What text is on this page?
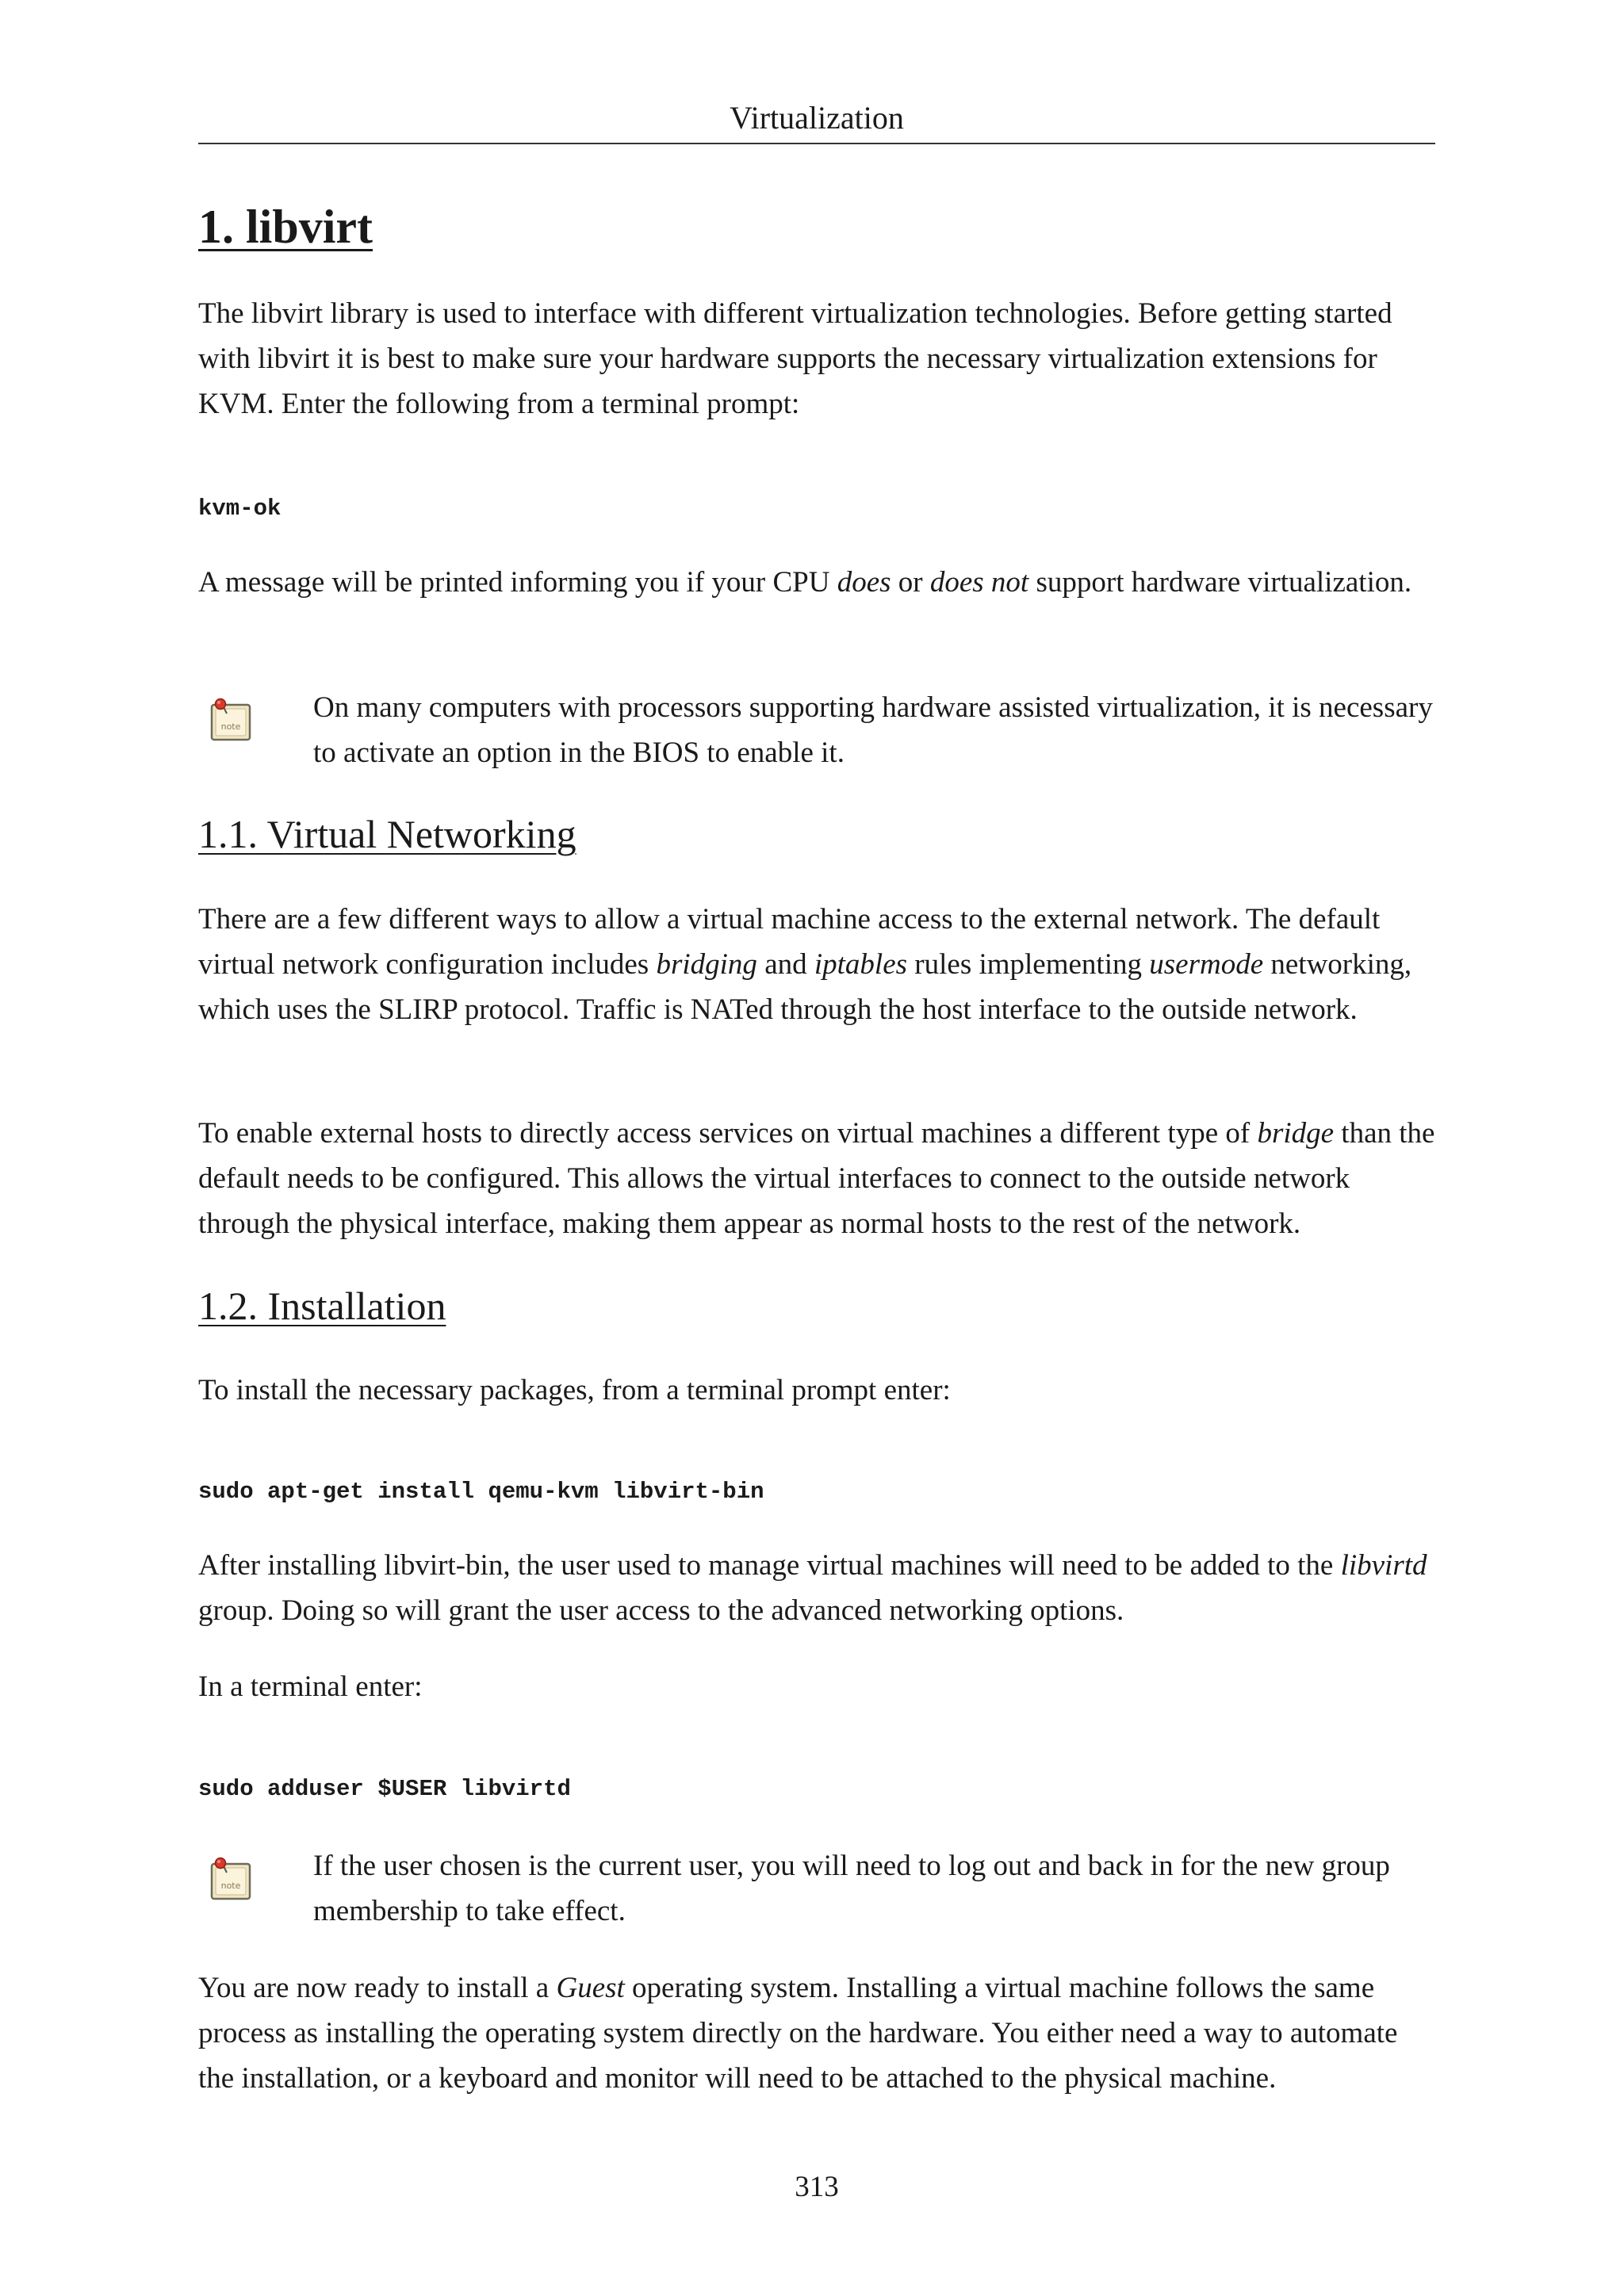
Virtualization
1. libvirt

The libvirt library is used to interface with different virtualization technologies. Before getting started with libvirt it is best to make sure your hardware supports the necessary virtualization extensions for KVM. Enter the following from a terminal prompt:

kvm-ok

A message will be printed informing you if your CPU does or does not support hardware virtualization.

note

On many computers with processors supporting hardware assisted virtualization, it is necessary to activate an option in the BIOS to enable it.

1.1. Virtual Networking

There are a few different ways to allow a virtual machine access to the external network. The default virtual network configuration includes bridging and iptables rules implementing usermode networking, which uses the SLIRP protocol. Traffic is NATed through the host interface to the outside network.

To enable external hosts to directly access services on virtual machines a different type of bridge than the default needs to be configured. This allows the virtual interfaces to connect to the outside network through the physical interface, making them appear as normal hosts to the rest of the network.

1.2. Installation

To install the necessary packages, from a terminal prompt enter:

sudo apt-get install qemu-kvm libvirt-bin

After installing libvirt-bin, the user used to manage virtual machines will need to be added to the libvirtd group. Doing so will grant the user access to the advanced networking options.

In a terminal enter:

sudo adduser $USER libvirtd
note

If the user chosen is the current user, you will need to log out and back in for the new group membership to take effect.

You are now ready to install a Guest operating system. Installing a virtual machine follows the same process as installing the operating system directly on the hardware. You either need a way to automate the installation, or a keyboard and monitor will need to be attached to the physical machine.

313
